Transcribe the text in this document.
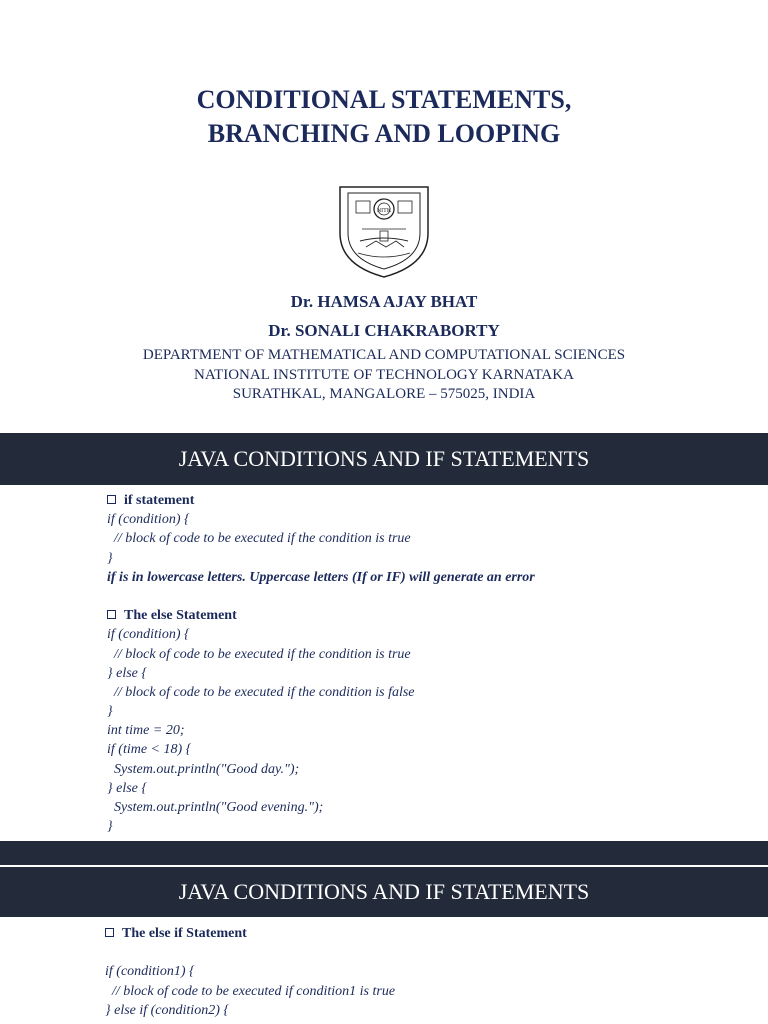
CONDITIONAL STATEMENTS,
BRANCHING AND LOOPING
NITK
Dr. HAMSA AJAY BHAT
Dr. SONALI CHAKRABORTY
DEPARTMENT OF MATHEMATICAL AND COMPUTATIONAL SCIENCES
NATIONAL INSTITUTE OF TECHNOLOGY KARNATAKA
SURATHKAL, MANGALORE – 575025, INDIA
JAVA CONDITIONS AND IF STATEMENTS
if statement
if (condition) {
// block of code to be executed if the condition is true
}
if is in lowercase letters. Uppercase letters (If or IF) will generate an error
The else Statement
if (condition) {
// block of code to be executed if the condition is true
} else {
// block of code to be executed if the condition is false
}
int time = 20;
if (time < 18) {
System.out.println("Good day.");
} else {
System.out.println("Good evening.");
}
JAVA CONDITIONS AND IF STATEMENTS
The else if Statement
if (condition1) {
// block of code to be executed if condition1 is true
} else if (condition2) {
